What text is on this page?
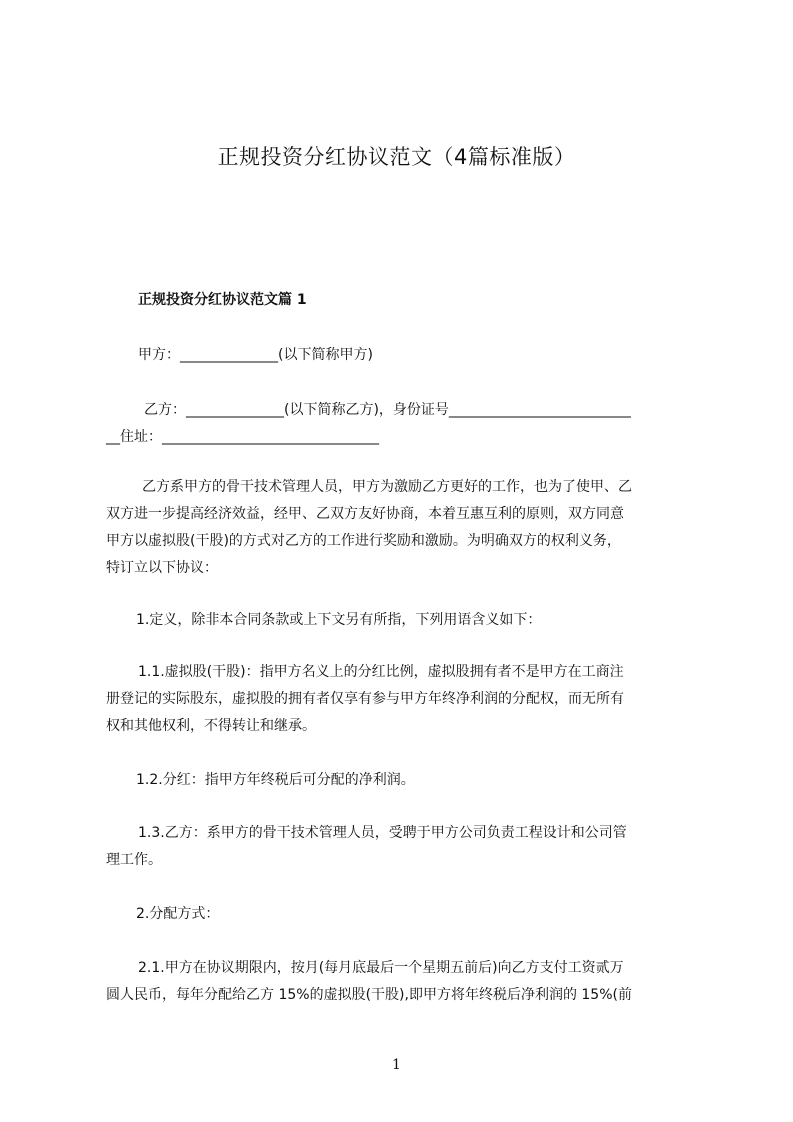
正规投资分红协议范文（4篇标准版）
正规投资分红协议范文篇 1
甲方：______________(以下简称甲方)
乙方：______________(以下简称乙方)，身份证号__________________________
__住址：_______________________________
乙方系甲方的骨干技术管理人员，甲方为激励乙方更好的工作，也为了使甲、乙
双方进一步提高经济效益，经甲、乙双方友好协商，本着互惠互利的原则，双方同意
甲方以虚拟股(干股)的方式对乙方的工作进行奖励和激励。为明确双方的权利义务，
特订立以下协议：
1.定义，除非本合同条款或上下文另有所指，下列用语含义如下：
1.1.虚拟股(干股)：指甲方名义上的分红比例，虚拟股拥有者不是甲方在工商注
册登记的实际股东，虚拟股的拥有者仅享有参与甲方年终净利润的分配权，而无所有
权和其他权利，不得转让和继承。
1.2.分红：指甲方年终税后可分配的净利润。
1.3.乙方：系甲方的骨干技术管理人员，受聘于甲方公司负责工程设计和公司管
理工作。
2.分配方式：
2.1.甲方在协议期限内，按月(每月底最后一个星期五前后)向乙方支付工资贰万
圆人民币，每年分配给乙方 15%的虚拟股(干股),即甲方将年终税后净利润的 15%(前
1
